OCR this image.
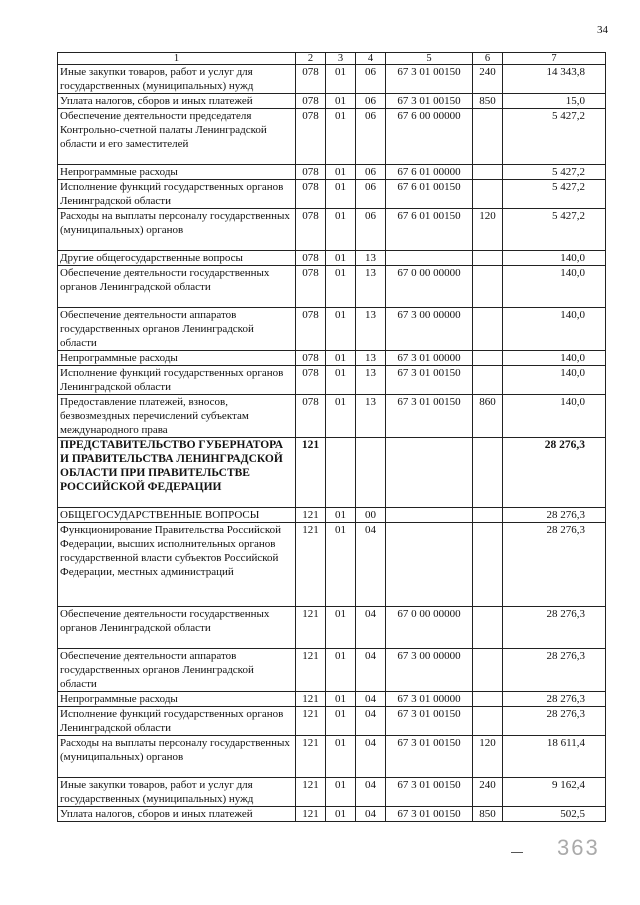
34
1	2	3	4	5	6	7
Иные закупки товаров, работ и услуг для государственных (муниципальных) нужд	078	01	06	67 3 01 00150	240	14 343,8
Уплата налогов, сборов и иных платежей	078	01	06	67 3 01 00150	850	15,0
Обеспечение деятельности председателя Контрольно-счетной палаты Ленинградской области и его заместителей	078	01	06	67 6 00 00000		5 427,2
Непрограммные расходы	078	01	06	67 6 01 00000		5 427,2
Исполнение функций государственных органов Ленинградской области	078	01	06	67 6 01 00150		5 427,2
Расходы на выплаты персоналу государственных (муниципальных) органов	078	01	06	67 6 01 00150	120	5 427,2
Другие общегосударственные вопросы	078	01	13			140,0
Обеспечение деятельности государственных органов Ленинградской области	078	01	13	67 0 00 00000		140,0
Обеспечение деятельности аппаратов государственных органов Ленинградской области	078	01	13	67 3 00 00000		140,0
Непрограммные расходы	078	01	13	67 3 01 00000		140,0
Исполнение функций государственных органов Ленинградской области	078	01	13	67 3 01 00150		140,0
Предоставление платежей, взносов, безвозмездных перечислений субъектам международного права	078	01	13	67 3 01 00150	860	140,0
ПРЕДСТАВИТЕЛЬСТВО ГУБЕРНАТОРА И ПРАВИТЕЛЬСТВА ЛЕНИНГРАДСКОЙ ОБЛАСТИ ПРИ ПРАВИТЕЛЬСТВЕ РОССИЙСКОЙ ФЕДЕРАЦИИ	121					28 276,3
ОБЩЕГОСУДАРСТВЕННЫЕ ВОПРОСЫ	121	01	00			28 276,3
Функционирование Правительства Российской Федерации, высших исполнительных органов государственной власти субъектов Российской Федерации, местных администраций	121	01	04			28 276,3
Обеспечение деятельности государственных органов Ленинградской области	121	01	04	67 0 00 00000		28 276,3
Обеспечение деятельности аппаратов государственных органов Ленинградской области	121	01	04	67 3 00 00000		28 276,3
Непрограммные расходы	121	01	04	67 3 01 00000		28 276,3
Исполнение функций государственных органов Ленинградской области	121	01	04	67 3 01 00150		28 276,3
Расходы на выплаты персоналу государственных (муниципальных) органов	121	01	04	67 3 01 00150	120	18 611,4
Иные закупки товаров, работ и услуг для государственных (муниципальных) нужд	121	01	04	67 3 01 00150	240	9 162,4
Уплата налогов, сборов и иных платежей	121	01	04	67 3 01 00150	850	502,5
363
